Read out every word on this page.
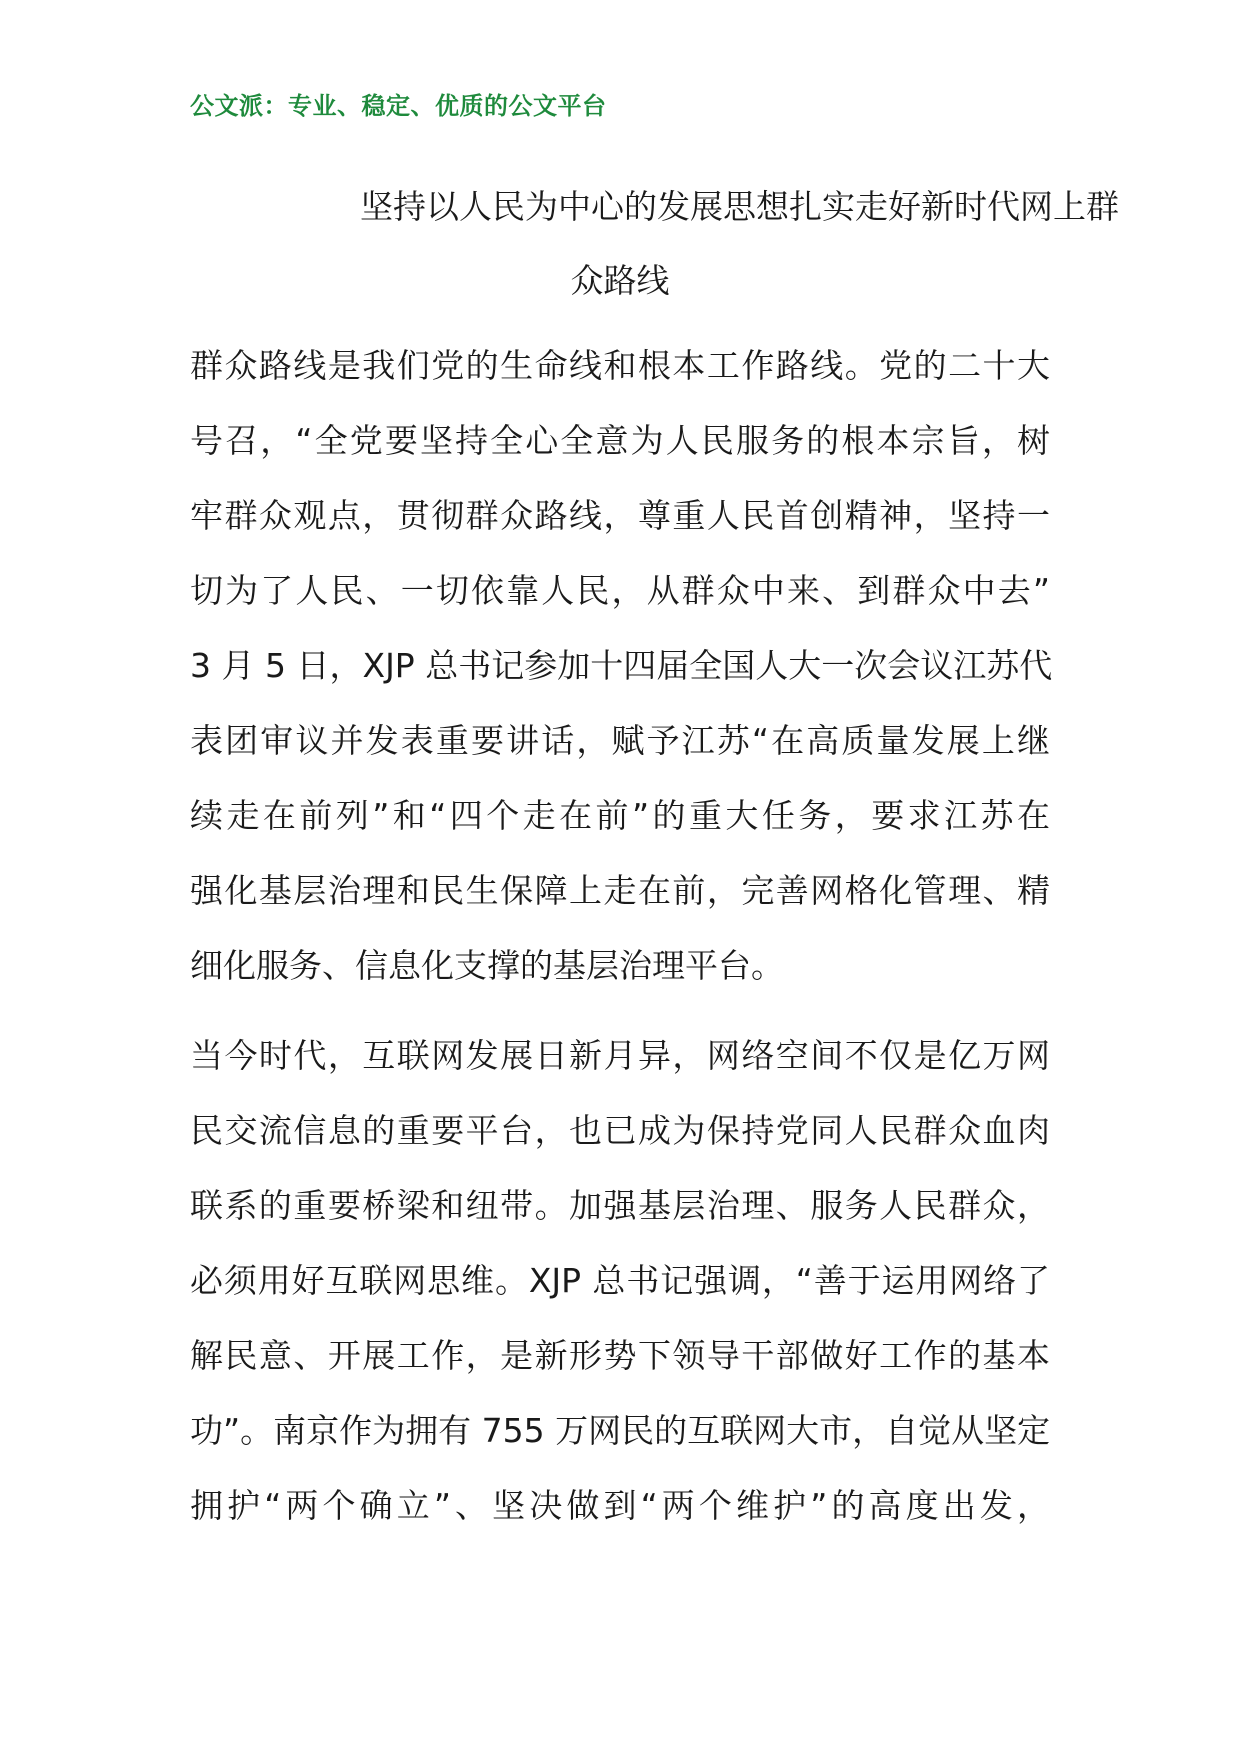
公文派：专业、稳定、优质的公文平台
坚持以人民为中心的发展思想扎实走好新时代网上群
众路线
群众路线是我们党的生命线和根本工作路线。党的二十大
号召，“全党要坚持全心全意为人民服务的根本宗旨，树
牢群众观点，贯彻群众路线，尊重人民首创精神，坚持一
切为了人民、一切依靠人民，从群众中来、到群众中去”
3 月 5 日，XJP 总书记参加十四届全国人大一次会议江苏代
表团审议并发表重要讲话，赋予江苏“在高质量发展上继
续走在前列”和“四个走在前”的重大任务，要求江苏在
强化基层治理和民生保障上走在前，完善网格化管理、精
细化服务、信息化支撑的基层治理平台。
当今时代，互联网发展日新月异，网络空间不仅是亿万网
民交流信息的重要平台，也已成为保持党同人民群众血肉
联系的重要桥梁和纽带。加强基层治理、服务人民群众，
必须用好互联网思维。XJP 总书记强调，“善于运用网络了
解民意、开展工作，是新形势下领导干部做好工作的基本
功”。南京作为拥有 755 万网民的互联网大市，自觉从坚定
拥护“两个确立”、坚决做到“两个维护”的高度出发，
